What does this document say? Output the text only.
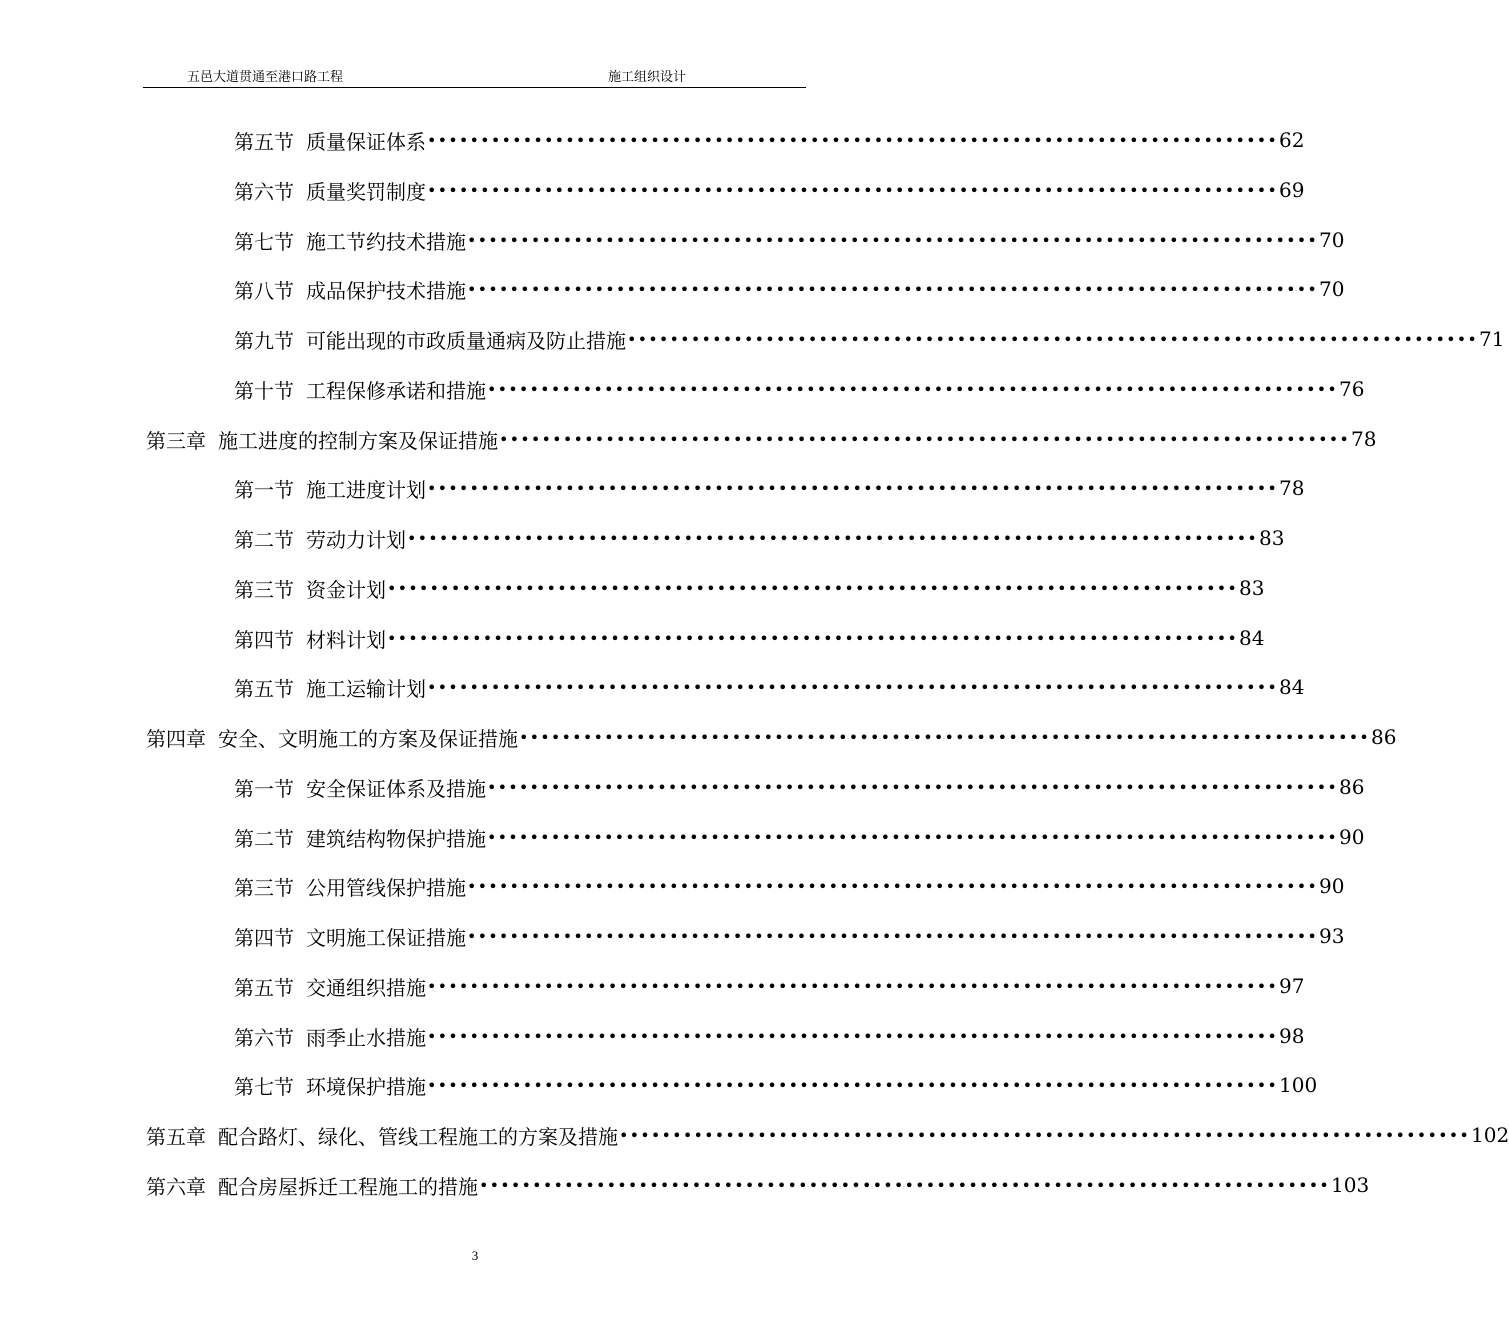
五邑大道贯通至港口路工程	施工组织设计
第五节 质量保证体系 •••••••••••••••••••••••••••••••••••••••••••••••••••••••••••••••••••••••••••••••• 62
第六节 质量奖罚制度 •••••••••••••••••••••••••••••••••••••••••••••••••••••••••••••••••••••••••••••••• 69
第七节 施工节约技术措施 •••••••••••••••••••••••••••••••••••••••••••••••••••••••••••••••••••••••••••••••• 70
第八节 成品保护技术措施 •••••••••••••••••••••••••••••••••••••••••••••••••••••••••••••••••••••••••••••••• 70
第九节 可能出现的市政质量通病及防止措施 •••••••••••••••••••••••••••••••••••••••••••••••••••••••••••••••••••••••••••••••• 71
第十节 工程保修承诺和措施 •••••••••••••••••••••••••••••••••••••••••••••••••••••••••••••••••••••••••••••••• 76
第三章 施工进度的控制方案及保证措施 •••••••••••••••••••••••••••••••••••••••••••••••••••••••••••••••••••••••••••••••• 78
第一节 施工进度计划 •••••••••••••••••••••••••••••••••••••••••••••••••••••••••••••••••••••••••••••••• 78
第二节 劳动力计划 •••••••••••••••••••••••••••••••••••••••••••••••••••••••••••••••••••••••••••••••• 83
第三节 资金计划 •••••••••••••••••••••••••••••••••••••••••••••••••••••••••••••••••••••••••••••••• 83
第四节 材料计划 •••••••••••••••••••••••••••••••••••••••••••••••••••••••••••••••••••••••••••••••• 84
第五节 施工运输计划 •••••••••••••••••••••••••••••••••••••••••••••••••••••••••••••••••••••••••••••••• 84
第四章 安全、文明施工的方案及保证措施 •••••••••••••••••••••••••••••••••••••••••••••••••••••••••••••••••••••••••••••••• 86
第一节 安全保证体系及措施 •••••••••••••••••••••••••••••••••••••••••••••••••••••••••••••••••••••••••••••••• 86
第二节 建筑结构物保护措施 •••••••••••••••••••••••••••••••••••••••••••••••••••••••••••••••••••••••••••••••• 90
第三节 公用管线保护措施 •••••••••••••••••••••••••••••••••••••••••••••••••••••••••••••••••••••••••••••••• 90
第四节 文明施工保证措施 •••••••••••••••••••••••••••••••••••••••••••••••••••••••••••••••••••••••••••••••• 93
第五节 交通组织措施 •••••••••••••••••••••••••••••••••••••••••••••••••••••••••••••••••••••••••••••••• 97
第六节 雨季止水措施 •••••••••••••••••••••••••••••••••••••••••••••••••••••••••••••••••••••••••••••••• 98
第七节 环境保护措施 •••••••••••••••••••••••••••••••••••••••••••••••••••••••••••••••••••••••••••••••• 100
第五章 配合路灯、绿化、管线工程施工的方案及措施 •••••••••••••••••••••••••••••••••••••••••••••••••••••••••••••••••••••••••••••••• 102
第六章 配合房屋拆迁工程施工的措施 •••••••••••••••••••••••••••••••••••••••••••••••••••••••••••••••••••••••••••••••• 103
3
